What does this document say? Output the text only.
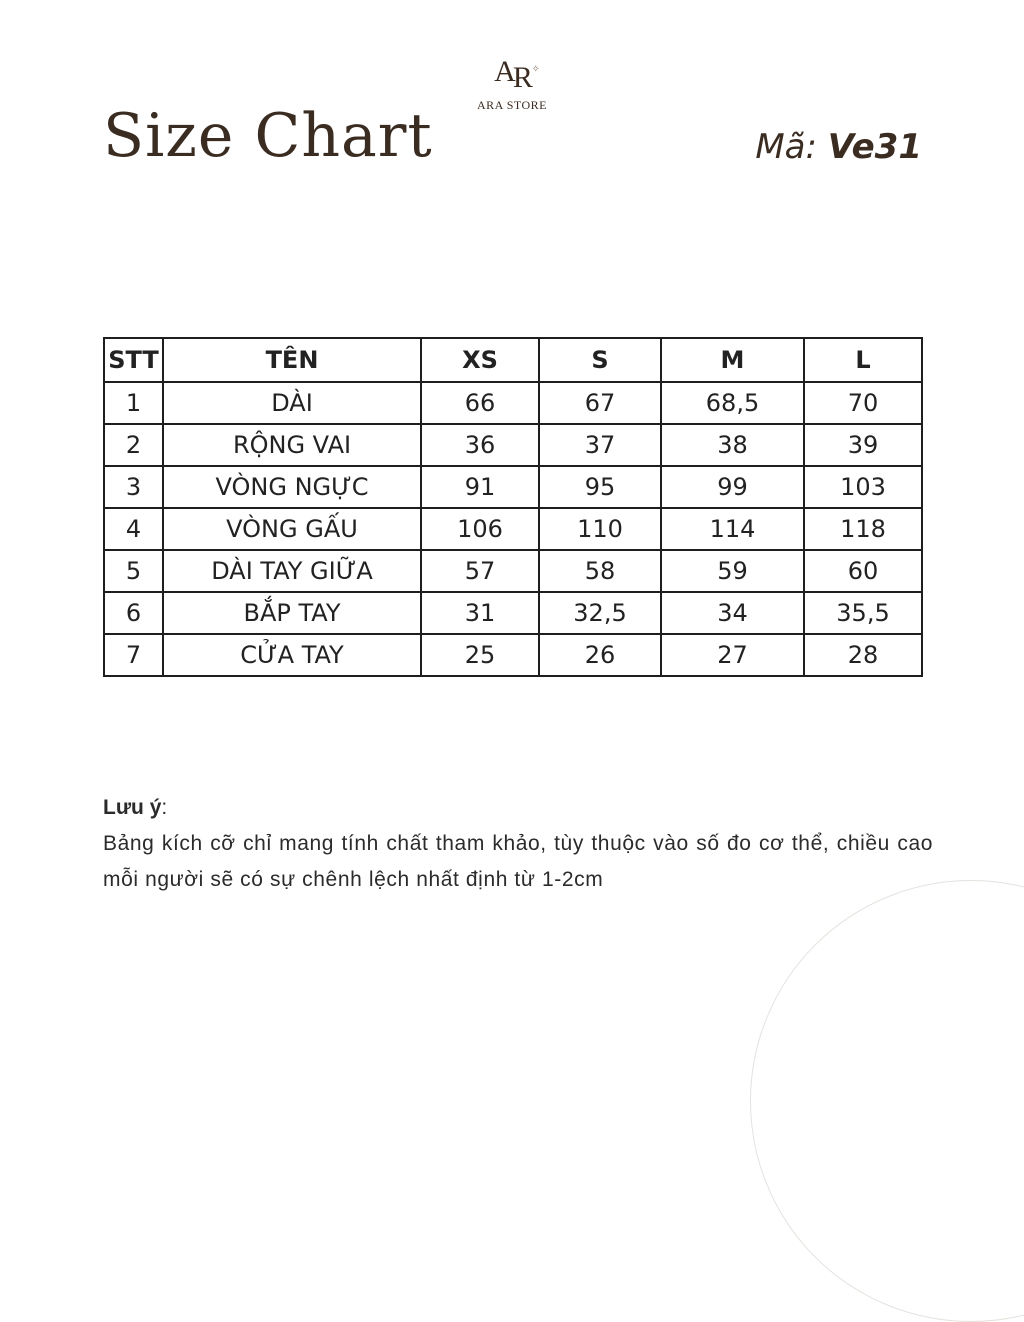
AR ✧
ARA STORE
Size Chart	Mã: Ve31
STT	TÊN	XS	S	M	L
1	DÀI	66	67	68,5	70
2	RỘNG VAI	36	37	38	39
3	VÒNG NGỰC	91	95	99	103
4	VÒNG GẤU	106	110	114	118
5	DÀI TAY GIỮA	57	58	59	60
6	BẮP TAY	31	32,5	34	35,5
7	CỬA TAY	25	26	27	28
Lưu ý:

Bảng kích cỡ chỉ mang tính chất tham khảo, tùy thuộc vào số đo cơ thể, chiều cao mỗi người sẽ có sự chênh lệch nhất định từ 1-2cm
